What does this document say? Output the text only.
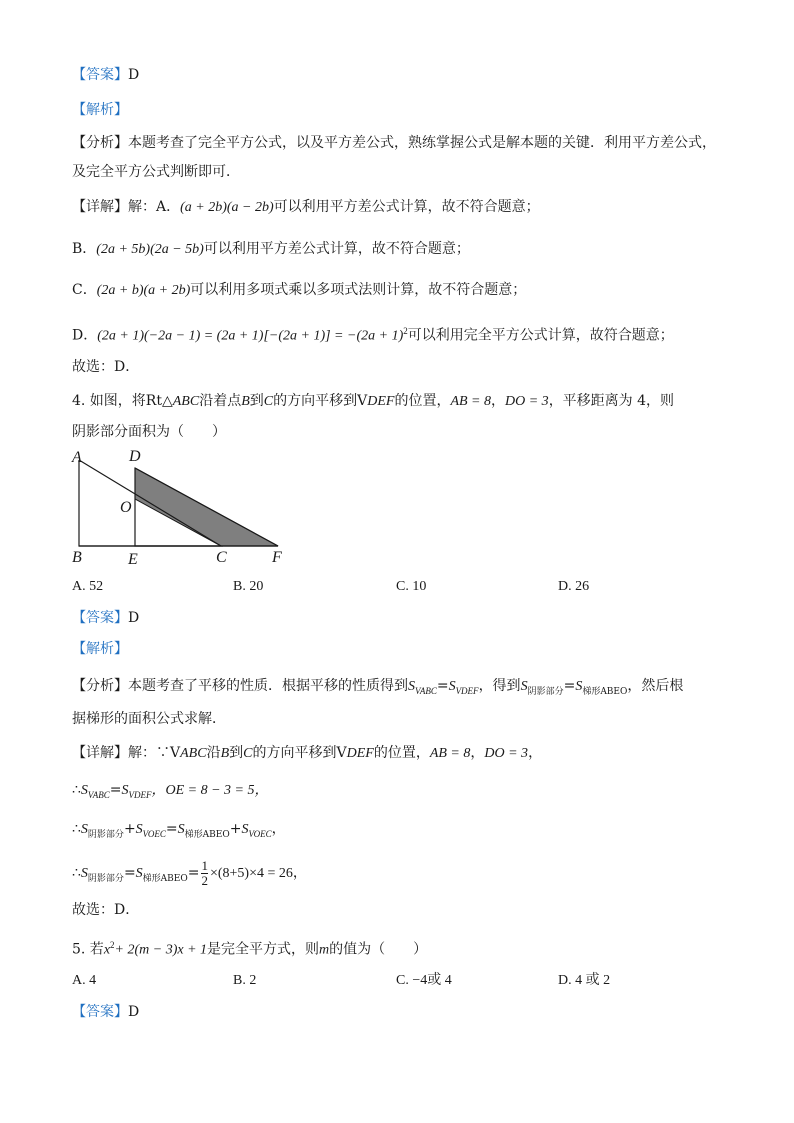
【答案】D
【解析】
【分析】本题考查了完全平方公式，以及平方差公式，熟练掌握公式是解本题的关键．利用平方差公式，
及完全平方公式判断即可．
【详解】解：A．(a + 2b)(a − 2b)可以利用平方差公式计算，故不符合题意；
B．(2a + 5b)(2a − 5b)可以利用平方差公式计算，故不符合题意；
C．(2a + b)(a + 2b)可以利用多项式乘以多项式法则计算，故不符合题意；
D．$(2a + 1)(-2a - 1) = (2a + 1)[-(2a + 1)] = -(2a + 1)^2$可以利用完全平方公式计算，故符合题意；
故选：D．
4. 如图，将Rt△ABC沿着点B到C的方向平移到VDEF的位置，AB = 8，DO = 3，平移距离为 4，则
阴影部分面积为（　　）
A	D
O
B	E	C	F
A. 52	B. 20	C. 10	D. 26
【答案】D
【解析】
【分析】本题考查了平移的性质．根据平移的性质得到$S_{VABC}=S_{VDEF}$，得到$S_{阴影部分}=S_{梯形ABEO}$，然后根
据梯形的面积公式求解．
【详解】解：∵VABC沿B到C的方向平移到VDEF的位置，AB = 8，DO = 3，
$\therefore S_{VABC}=S_{VDEF}$，OE = 8 − 3 = 5，
$\therefore S_{阴影部分}+S_{VOEC}=S_{梯形ABEO}+S_{VOEC}$，
$\therefore S_{阴影部分}=S_{梯形ABEO}= \frac{1}{2} \times(8+5)\times 4 = 26$，
故选：D．
5. 若$x^2+ 2(m - 3)x + 1$是完全平方式，则m的值为（　　）
A. 4	B. 2	C. −4或 4	D. 4 或 2
【答案】D
